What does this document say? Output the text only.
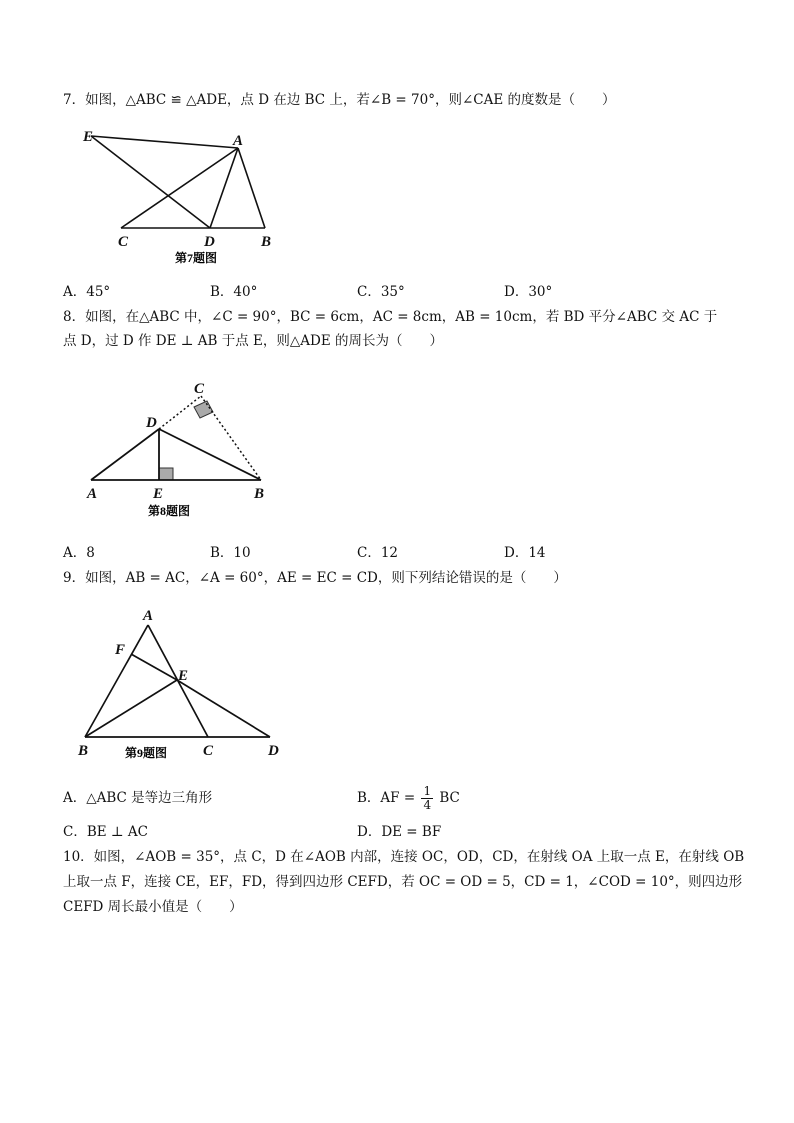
7．如图，△ABC ≌ △ADE，点 D 在边 BC 上，若∠B = 70°，则∠CAE 的度数是（　　）
E	A
C	D	B
第7题图
A．45°	B．40°	C．35°	D．30°
8．如图，在△ABC 中，∠C = 90°，BC = 6cm，AC = 8cm，AB = 10cm，若 BD 平分∠ABC 交 AC 于
点 D，过 D 作 DE ⊥ AB 于点 E，则△ADE 的周长为（　　）
C
D
A	E	B
第8题图
A．8	B．10	C．12	D．14
9．如图，AB = AC，∠A = 60°，AE = EC = CD，则下列结论错误的是（　　）
A
F
E
B	C	D
第9题图
A．△ABC 是等边三角形	B．AF = $\frac{1}{4}$ BC
C．BE ⊥ AC	D．DE = BF
10．如图，∠AOB = 35°，点 C，D 在∠AOB 内部，连接 OC，OD，CD，在射线 OA 上取一点 E，在射线 OB
上取一点 F，连接 CE，EF，FD，得到四边形 CEFD，若 OC = OD = 5，CD = 1，∠COD = 10°，则四边形
CEFD 周长最小值是（　　）
